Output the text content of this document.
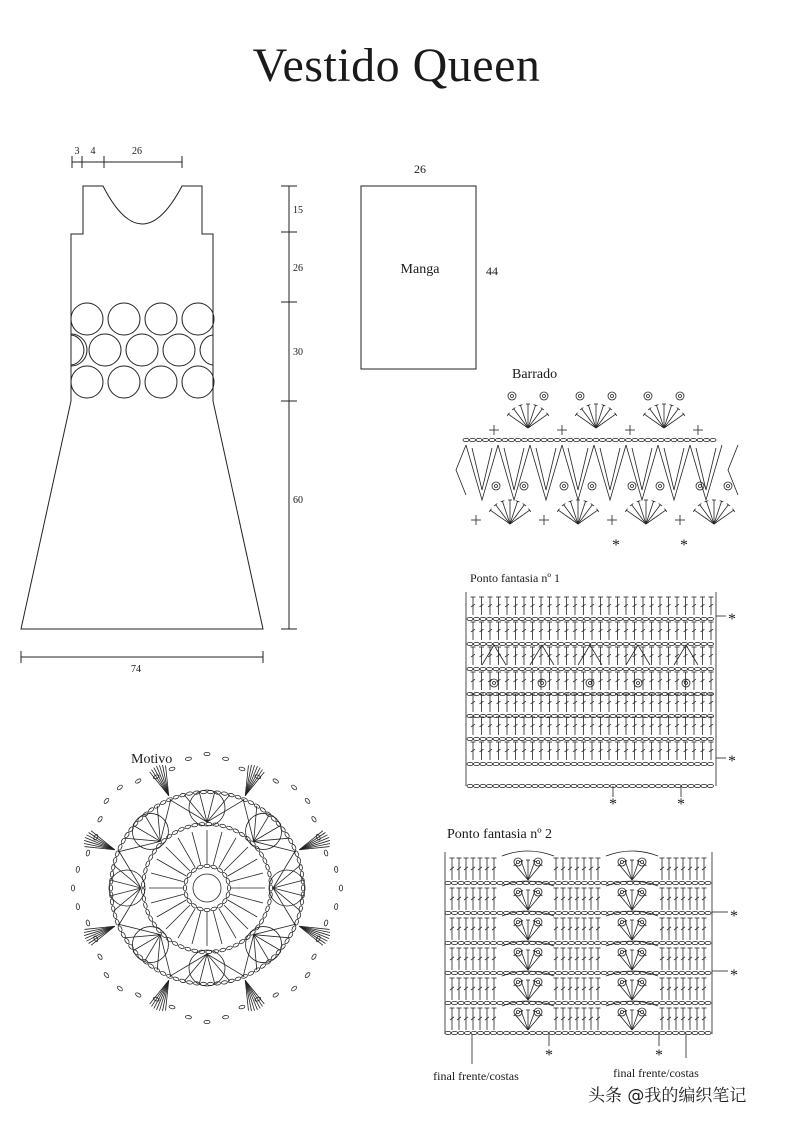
Vestido Queen
3 4	26
15
26
30
60
74
26
Manga	44
Barrado
*	*
Ponto fantasia nº 1
*
*
*	*
Ponto fantasia nº 2
*
*
*	*
final frente/costas	final frente/costas
Motivo
头条 @我的编织笔记
